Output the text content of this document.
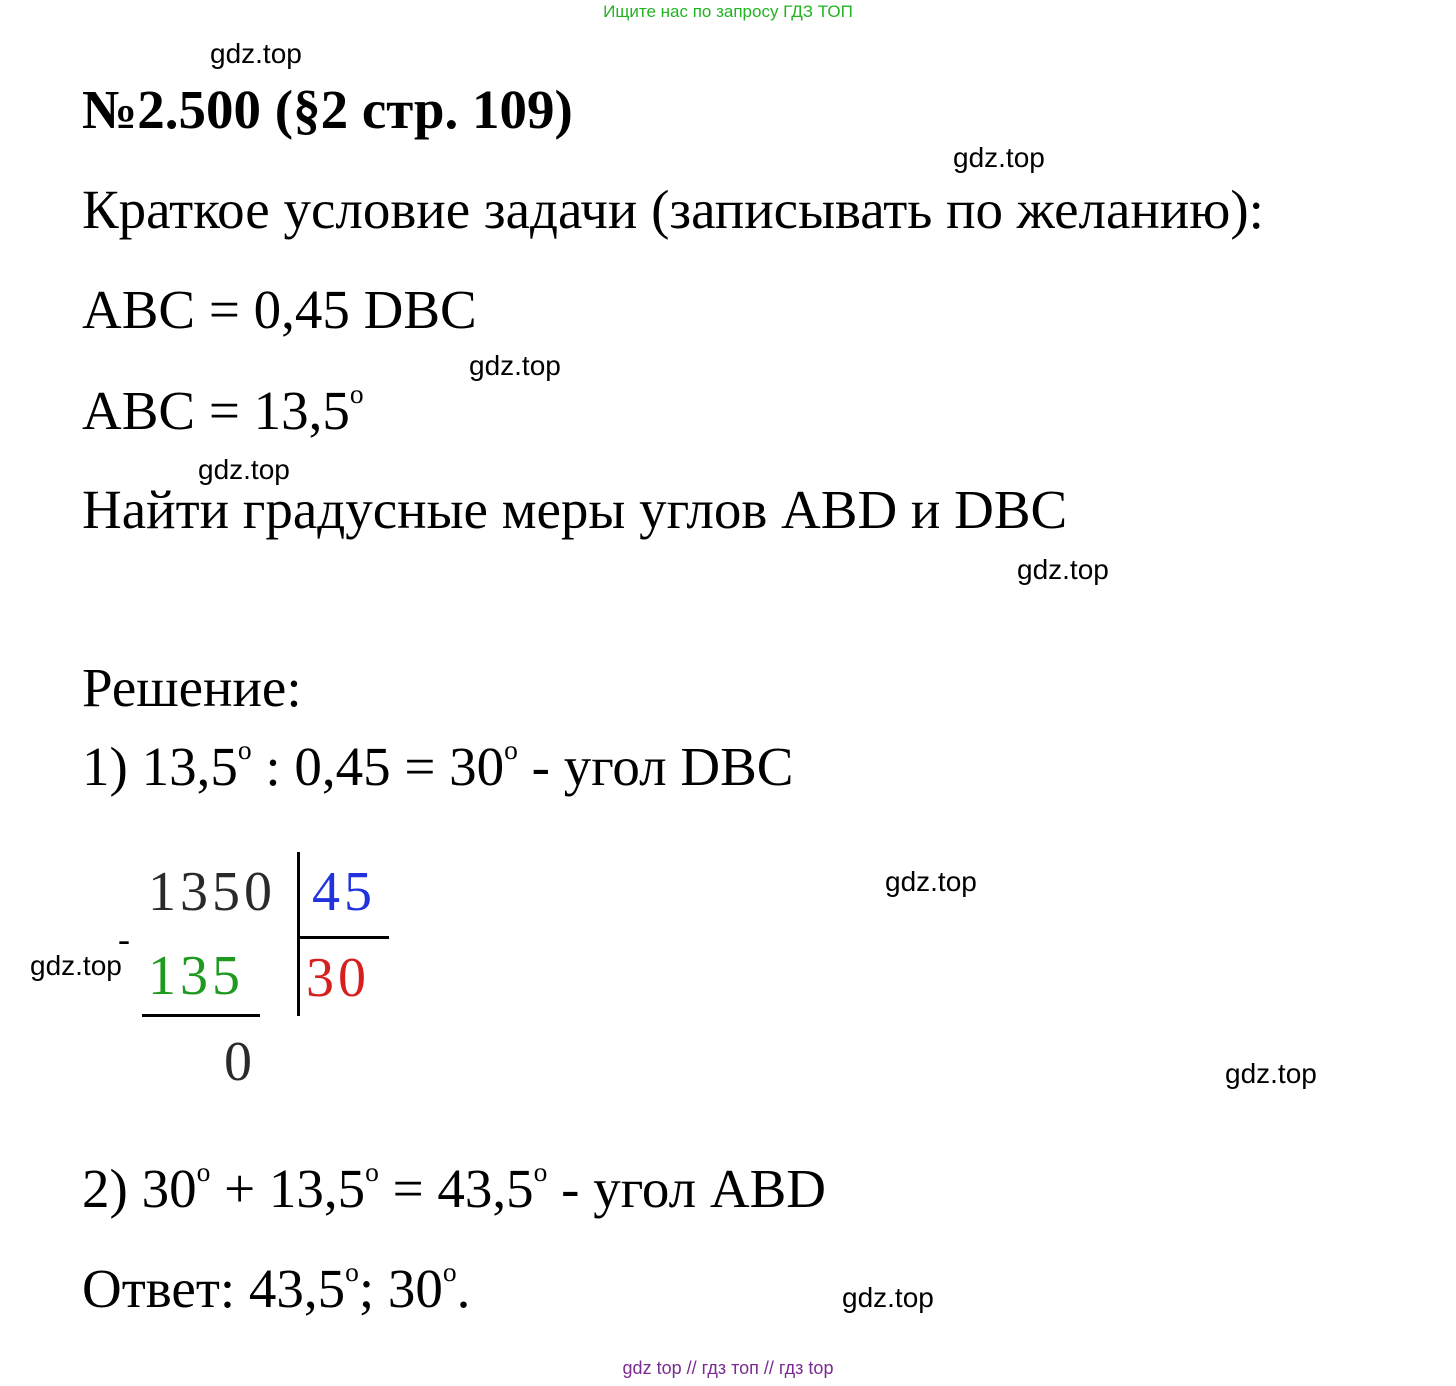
Ищите нас по запросу ГДЗ ТОП
gdz.top
gdz.top
gdz.top
gdz.top
gdz.top
gdz.top
gdz.top
gdz.top
gdz.top
№2.500 (§2 стр. 109)
Краткое условие задачи (записывать по желанию):
ABC = 0,45 DBC
ABC = $13,5^о$
Найти градусные меры углов ABD и DBC
Решение:
1) $13,5^о$ : $0,45 = 30^о$ - угол DBC
1350 45
-
135 30
0
2) $30^о + 13,5^о = 43,5^о$ - угол ABD
Ответ: $43,5^о$; $30^о$.
gdz top // гдз топ // гдз top
